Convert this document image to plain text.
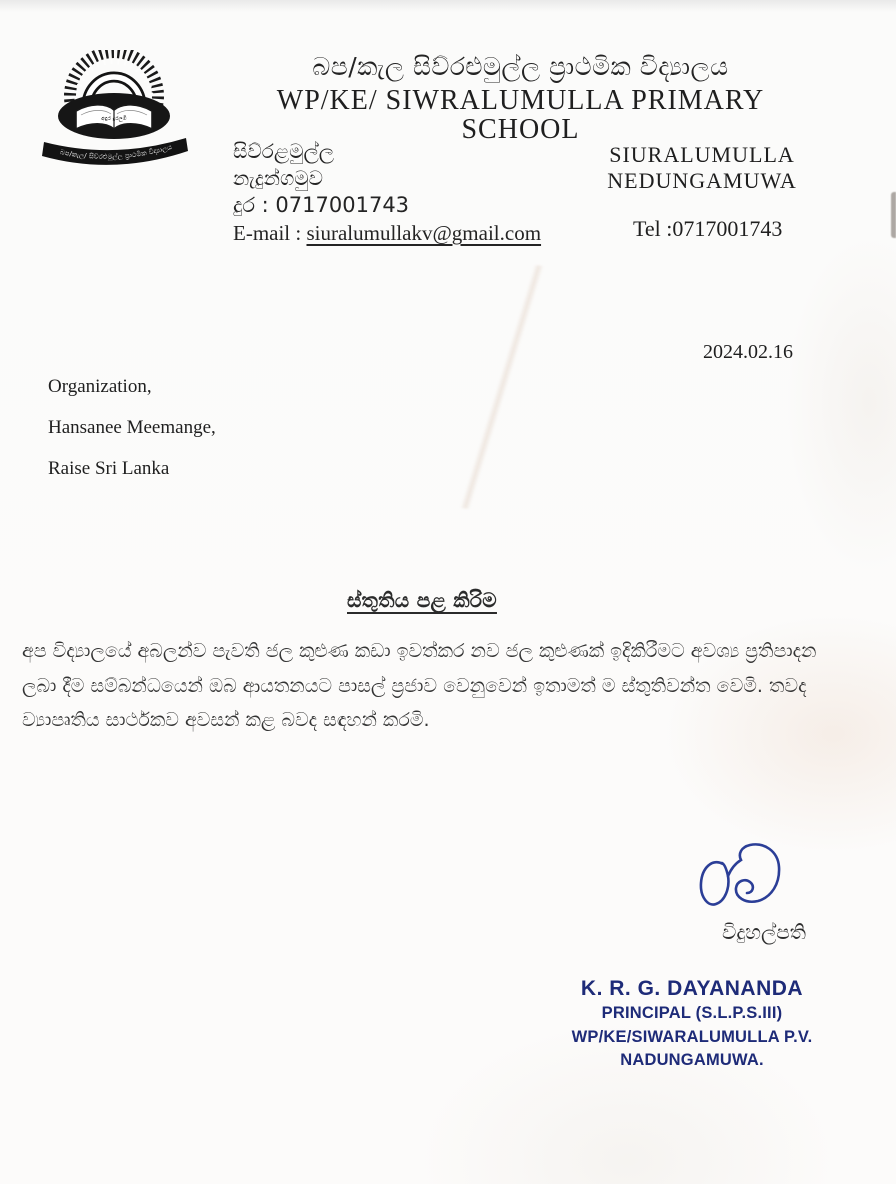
අඳුර දුරලමි
බප/කැල/ සිව්රළුමුල්ල ප්‍රාථමික විද්‍යාලය
බප/කැල සිව්රළුමුල්ල ප්‍රාථමික විද්‍යාලය
WP/KE/ SIWRALUMULLA PRIMARY
SCHOOL
සිව්රළමුල්ල
නැදුන්ගමුව
දුර : 0717001743
E-mail : siuralumullakv@gmail.com
SIURALUMULLA
NEDUNGAMUWA
Tel :0717001743
2024.02.16
Organization,
Hansanee Meemange,
Raise Sri Lanka
ස්තුතිය පළ කිරිම
අප විද්‍යාලයේ අබලන්ව පැවති ජල කුළුණ කඩා ඉවත්කර නව ජල කුළුණක් ඉදිකිරීමට අවශ්‍ය ප්‍රතිපාදන
ලබා දීම සම්බන්ධයෙන් ඔබ ආයතනයට පාසල් ප්‍රජාව වෙනුවෙන් ඉතාමත් ම ස්තුතිවන්ත වෙමි. තවද
ව්‍යාපෘතිය සාර්ථකව අවසන් කළ බවද සඳහන් කරමි.
විදුහල්පති
K. R. G. DAYANANDA
PRINCIPAL (S.L.P.S.III)
WP/KE/SIWARALUMULLA P.V.
NADUNGAMUWA.
